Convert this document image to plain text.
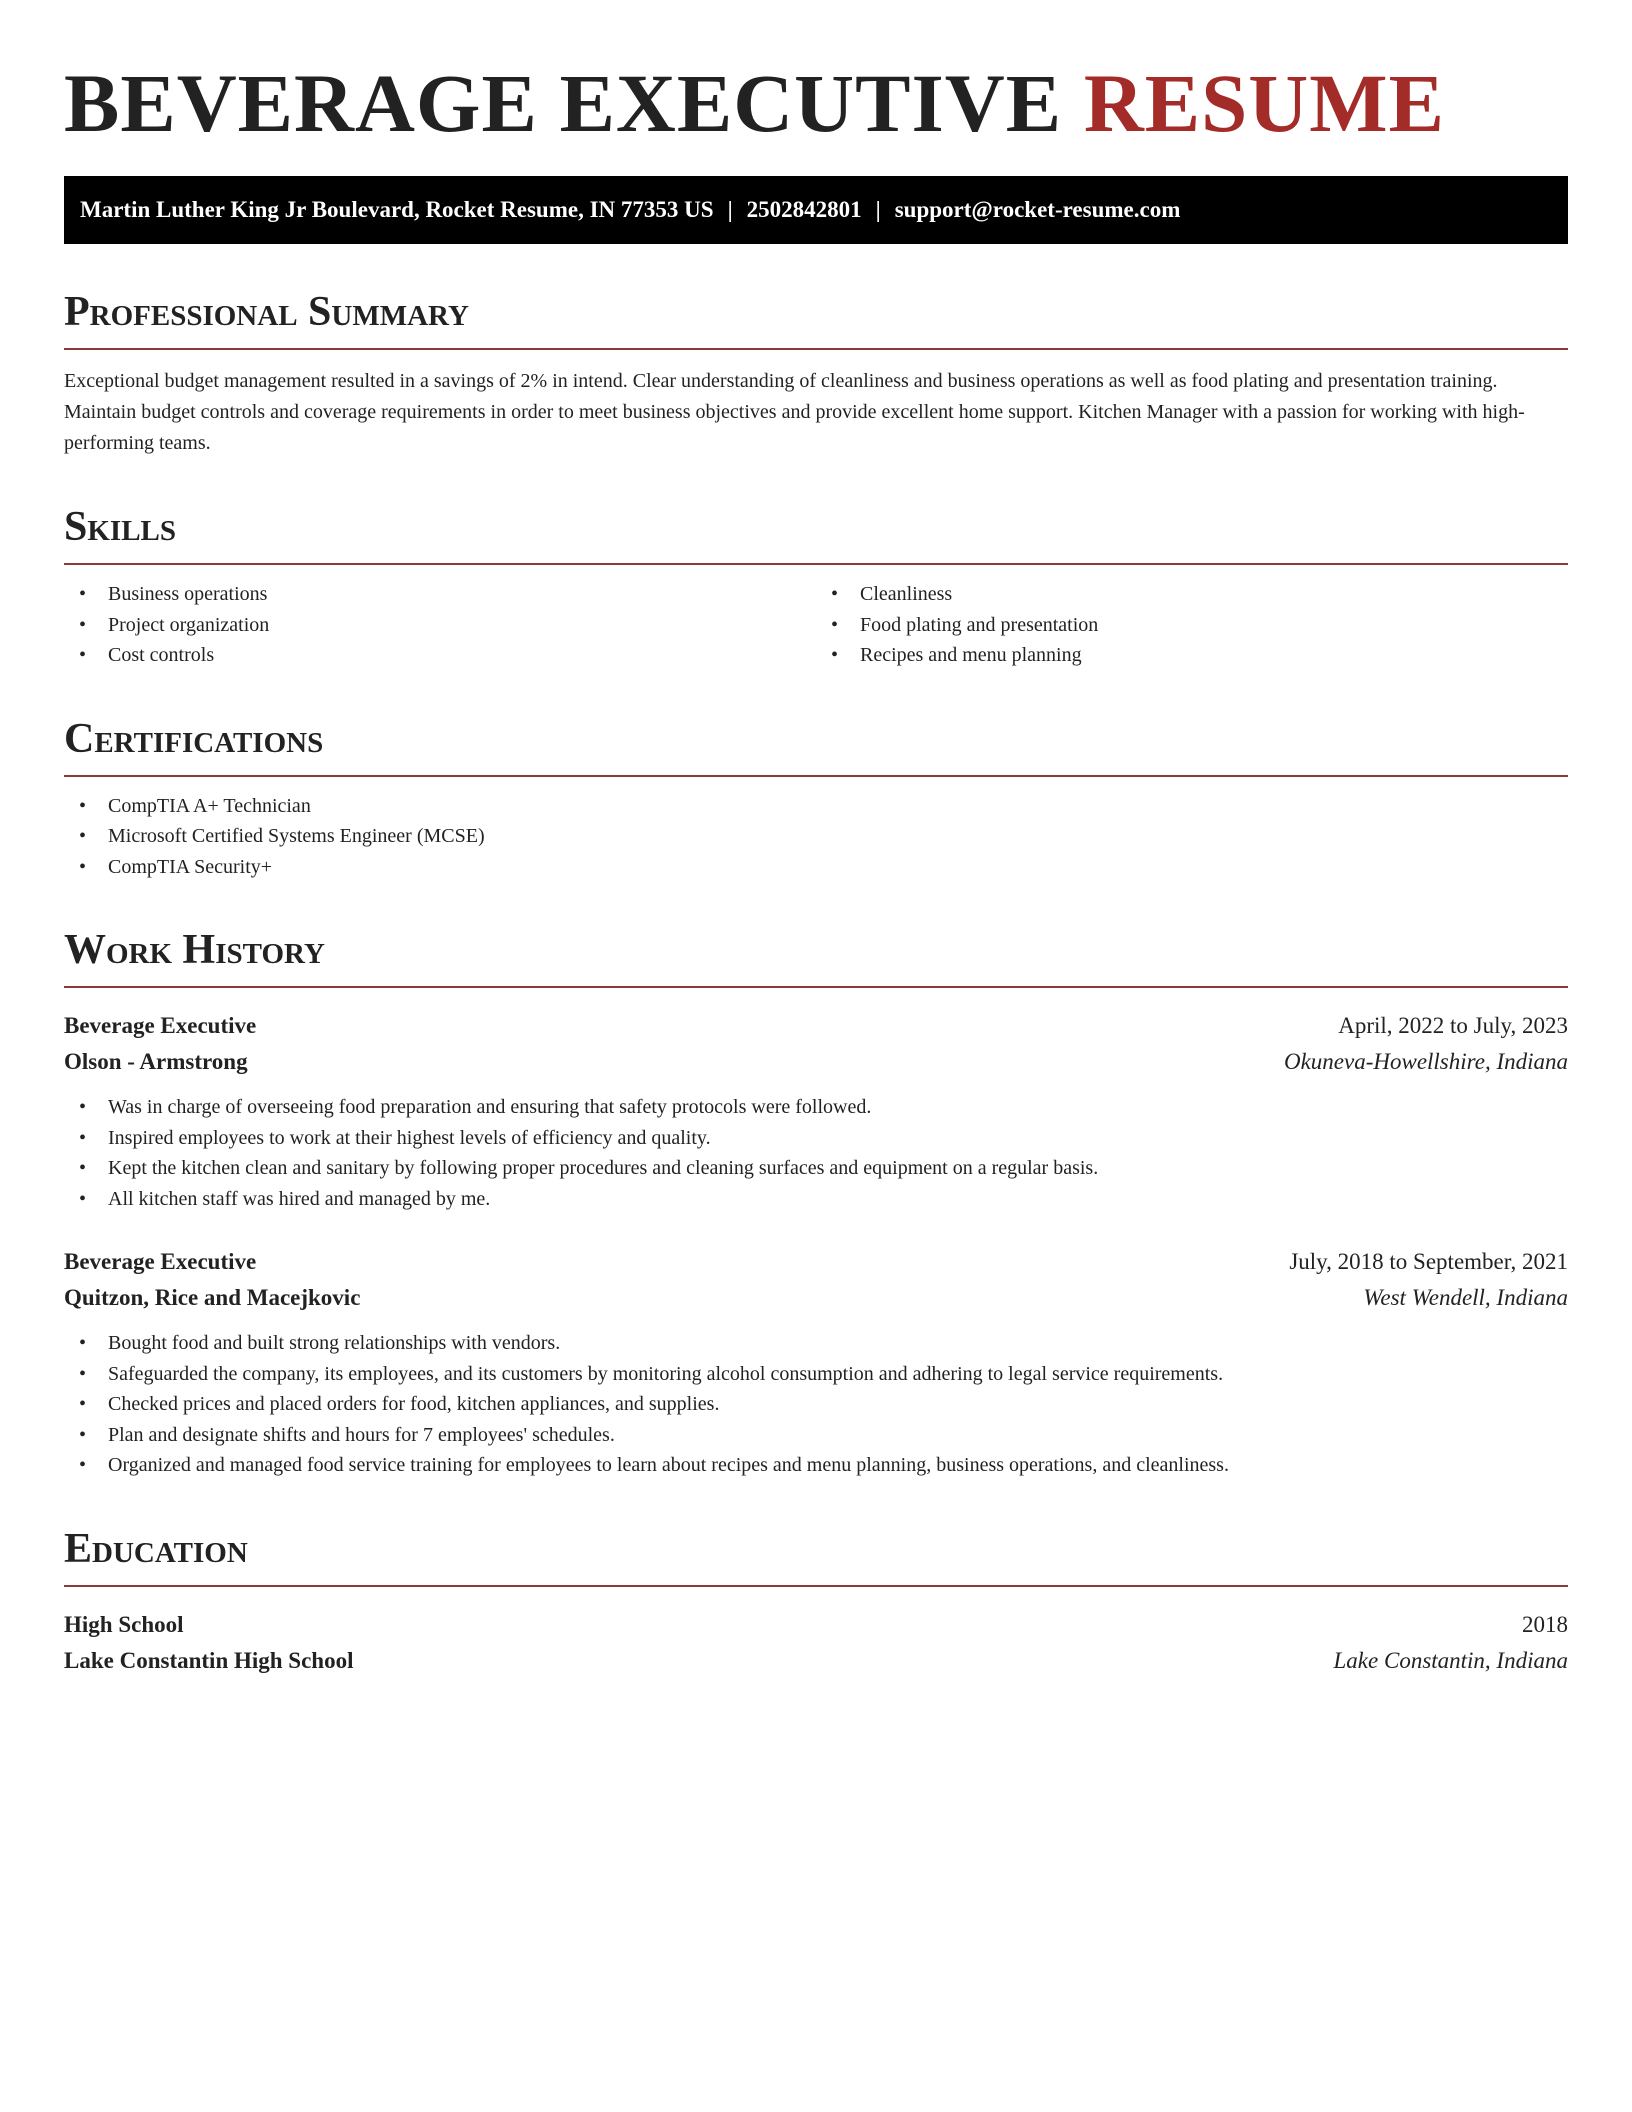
BEVERAGE EXECUTIVE RESUME
Martin Luther King Jr Boulevard, Rocket Resume, IN 77353 US | 2502842801 | support@rocket-resume.com
Professional Summary

Exceptional budget management resulted in a savings of 2% in intend. Clear understanding of cleanliness and business operations as well as food plating and presentation training. Maintain budget controls and coverage requirements in order to meet business objectives and provide excellent home support. Kitchen Manager with a passion for working with high-performing teams.

Skills
• Business operations
• Project organization
• Cost controls
• Cleanliness
• Food plating and presentation
• Recipes and menu planning
Certifications
• CompTIA A+ Technician
• Microsoft Certified Systems Engineer (MCSE)
• CompTIA Security+
Work History
Beverage Executive	April, 2022 to July, 2023
Olson - Armstrong	Okuneva-Howellshire, Indiana
• Was in charge of overseeing food preparation and ensuring that safety protocols were followed.
• Inspired employees to work at their highest levels of efficiency and quality.
• Kept the kitchen clean and sanitary by following proper procedures and cleaning surfaces and equipment on a regular basis.
• All kitchen staff was hired and managed by me.
Beverage Executive	July, 2018 to September, 2021
Quitzon, Rice and Macejkovic	West Wendell, Indiana
• Bought food and built strong relationships with vendors.
• Safeguarded the company, its employees, and its customers by monitoring alcohol consumption and adhering to legal service requirements.
• Checked prices and placed orders for food, kitchen appliances, and supplies.
• Plan and designate shifts and hours for 7 employees' schedules.
• Organized and managed food service training for employees to learn about recipes and menu planning, business operations, and cleanliness.
Education
High School	2018
Lake Constantin High School	Lake Constantin, Indiana
